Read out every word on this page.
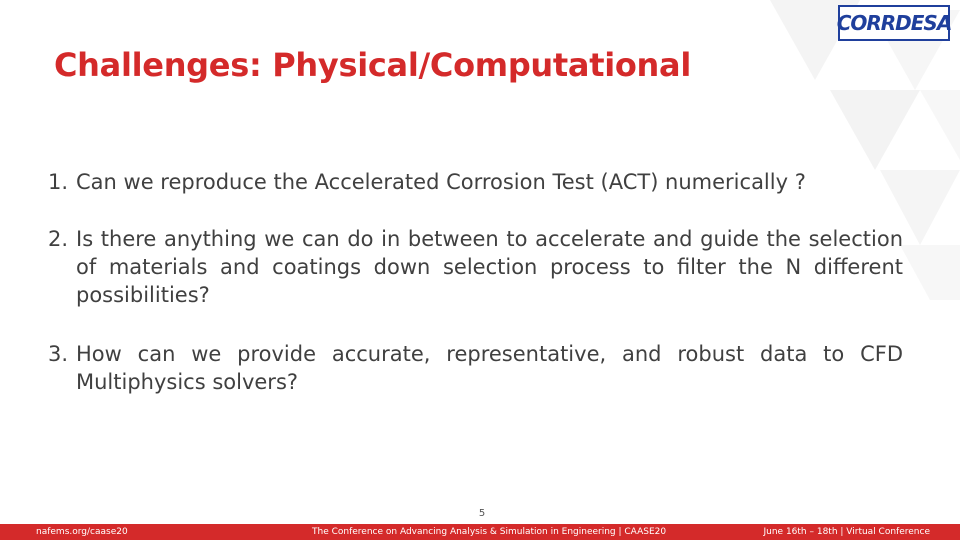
CORRDESA
Challenges: Physical/Computational
1. Can we reproduce the Accelerated Corrosion Test (ACT) numerically ?
2. Is there anything we can do in between to accelerate and guide the selection of materials and coatings down selection process to filter the N different possibilities?
3. How can we provide accurate, representative, and robust data to CFD Multiphysics solvers?
5
nafems.org/caase20	The Conference on Advancing Analysis & Simulation in Engineering | CAASE20	June 16th – 18th | Virtual Conference
